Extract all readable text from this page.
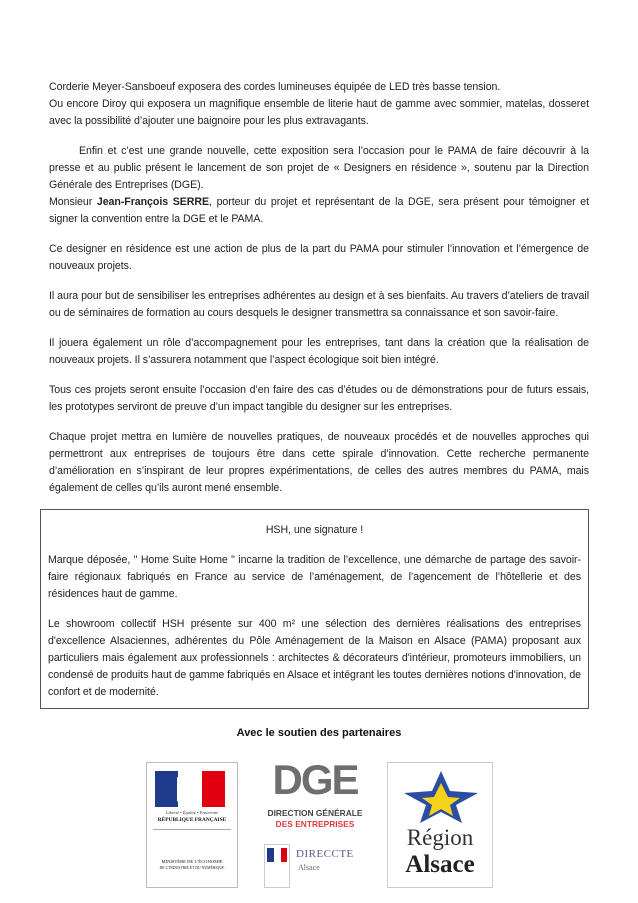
Corderie Meyer-Sansboeuf exposera des cordes lumineuses équipée de LED très basse tension.

Ou encore Diroy qui exposera un magnifique ensemble de literie haut de gamme avec sommier, matelas, dosseret avec la possibilité d’ajouter une baignoire pour les plus extravagants.

Enfin et c’est une grande nouvelle, cette exposition sera l’occasion pour le PAMA de faire découvrir à la presse et au public présent le lancement de son projet de « Designers en résidence », soutenu par la Direction Générale des Entreprises (DGE).

Monsieur Jean-François SERRE, porteur du projet et représentant de la DGE, sera présent pour témoigner et signer la convention entre la DGE et le PAMA.

Ce designer en résidence est une action de plus de la part du PAMA pour stimuler l’innovation et l’émergence de nouveaux projets.

Il aura pour but de sensibiliser les entreprises adhérentes au design et à ses bienfaits. Au travers d’ateliers de travail ou de séminaires de formation au cours desquels le designer transmettra sa connaissance et son savoir-faire.

Il jouera également un rôle d’accompagnement pour les entreprises, tant dans la création que la réalisation de nouveaux projets. Il s’assurera notamment que l’aspect écologique soit bien intégré.

Tous ces projets seront ensuite l’occasion d’en faire des cas d’études ou de démonstrations pour de futurs essais, les prototypes serviront de preuve d’un impact tangible du designer sur les entreprises.

Chaque projet mettra en lumière de nouvelles pratiques, de nouveaux procédés et de nouvelles approches qui permettront aux entreprises de toujours être dans cette spirale d’innovation. Cette recherche permanente d’amélioration en s’inspirant de leur propres expérimentations, de celles des autres membres du PAMA, mais également de celles qu’ils auront mené ensemble.

HSH, une signature !

Marque déposée, " Home Suite Home " incarne la tradition de l’excellence, une démarche de partage des savoir-faire régionaux fabriqués en France au service de l’aménagement, de l’agencement de l’hôtellerie et des résidences haut de gamme.

Le showroom collectif HSH présente sur 400 m² une sélection des dernières réalisations des entreprises d'excellence Alsaciennes, adhérentes du Pôle Aménagement de la Maison en Alsace (PAMA) proposant aux particuliers mais également aux professionnels : architectes & décorateurs d'intérieur, promoteurs immobiliers, un condensé de produits haut de gamme fabriqués en Alsace et intégrant les toutes dernières notions d'innovation, de confort et de modernité.

Avec le soutien des partenaires
Liberté • Égalité • Fraternité
RÉPUBLIQUE FRANÇAISE
MINISTÈRE DE L’ÉCONOMIE
DE L’INDUSTRIE ET DU NUMÉRIQUE
DGE
DIRECTION GÉNÉRALE
DES ENTREPRISES
DIRECCTE
Alsace
Région
Alsace
